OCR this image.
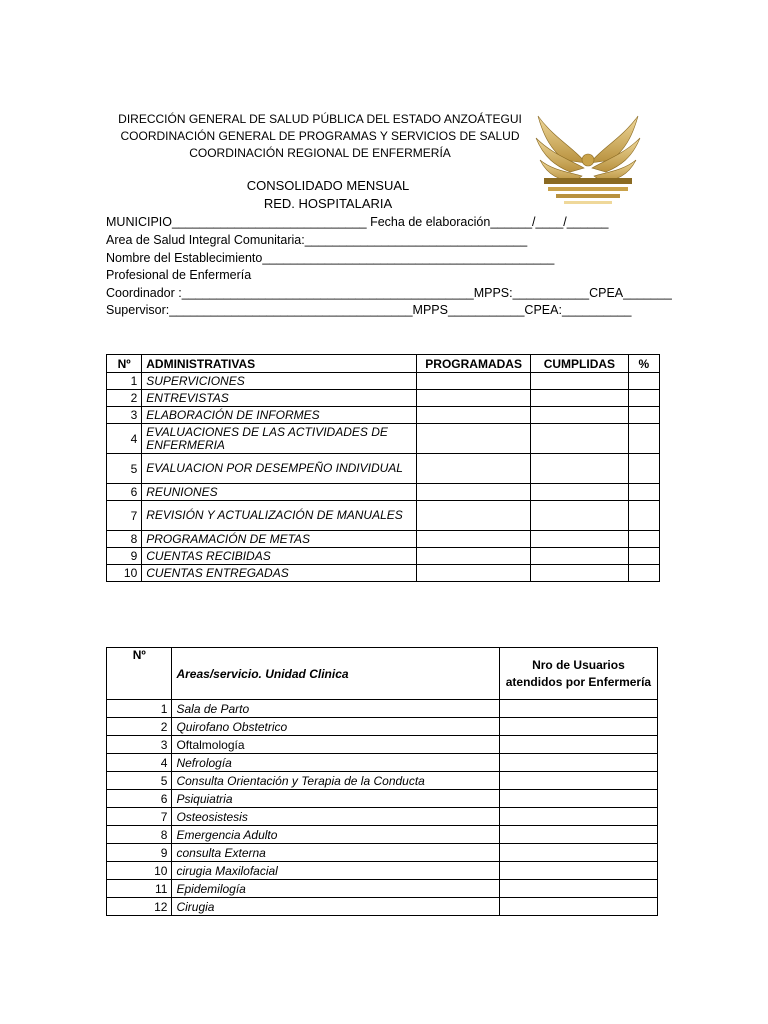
DIRECCIÓN GENERAL DE SALUD PÚBLICA DEL ESTADO ANZOÁTEGUI
COORDINACIÓN GENERAL DE PROGRAMAS Y SERVICIOS DE SALUD
COORDINACIÓN REGIONAL DE ENFERMERÍA
CONSOLIDADO MENSUAL
RED. HOSPITALARIA
MUNICIPIO____________________________ Fecha de elaboración______/____/______
Area de Salud Integral Comunitaria:________________________________
Nombre del Establecimiento__________________________________________
Profesional de Enfermería
Coordinador :__________________________________________MPPS:___________CPEA_______
Supervisor:___________________________________MPPS___________CPEA:__________
Nº	ADMINISTRATIVAS	PROGRAMADAS	CUMPLIDAS	%
1	SUPERVICIONES			
2	ENTREVISTAS			
3	ELABORACIÓN DE INFORMES			
4	EVALUACIONES DE LAS ACTIVIDADES DE ENFERMERIA			
5	EVALUACION POR DESEMPEÑO INDIVIDUAL			
6	REUNIONES			
7	REVISIÓN Y ACTUALIZACIÓN DE MANUALES			
8	PROGRAMACIÓN DE METAS			
9	CUENTAS RECIBIDAS			
10	CUENTAS ENTREGADAS			
Nº	Areas/servicio. Unidad Clinica	Nro de Usuarios atendidos por Enfermería
1	Sala de Parto	
2	Quirofano Obstetrico	
3	Oftalmología	
4	Nefrología	
5	Consulta Orientación y Terapia de la Conducta	
6	Psiquiatria	
7	Osteosistesis	
8	Emergencia Adulto	
9	consulta Externa	
10	cirugia Maxilofacial	
11	Epidemilogía	
12	Cirugia	
